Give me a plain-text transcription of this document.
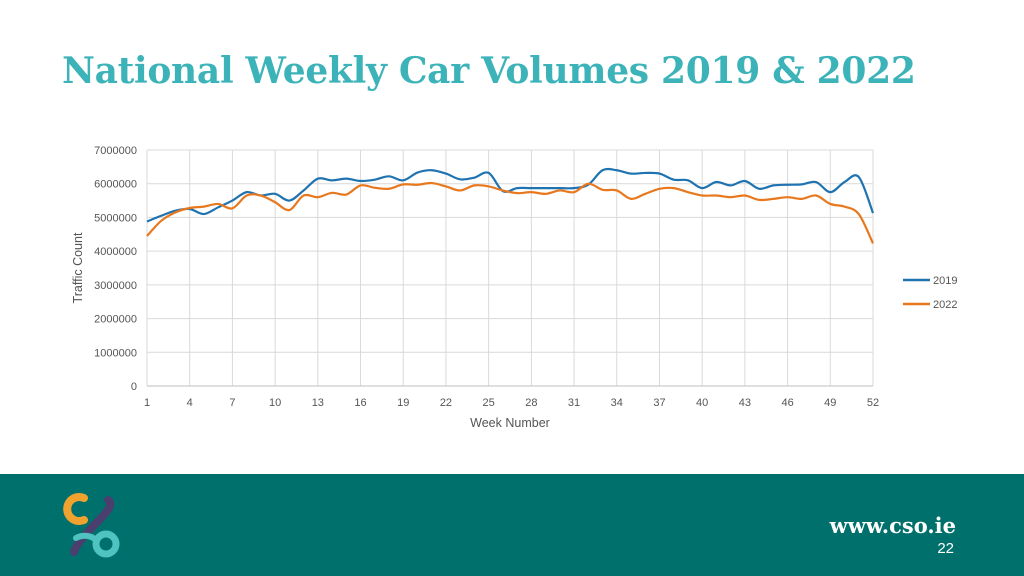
National Weekly Car Volumes 2019 & 2022
0
1000000
2000000
3000000
4000000
5000000
6000000
7000000
1	4	7	10	13	16	19	22	25	28	31	34	37	40	43	46	49	52
Week Number
Traffic Count	2019
2022
www.cso.ie
22
